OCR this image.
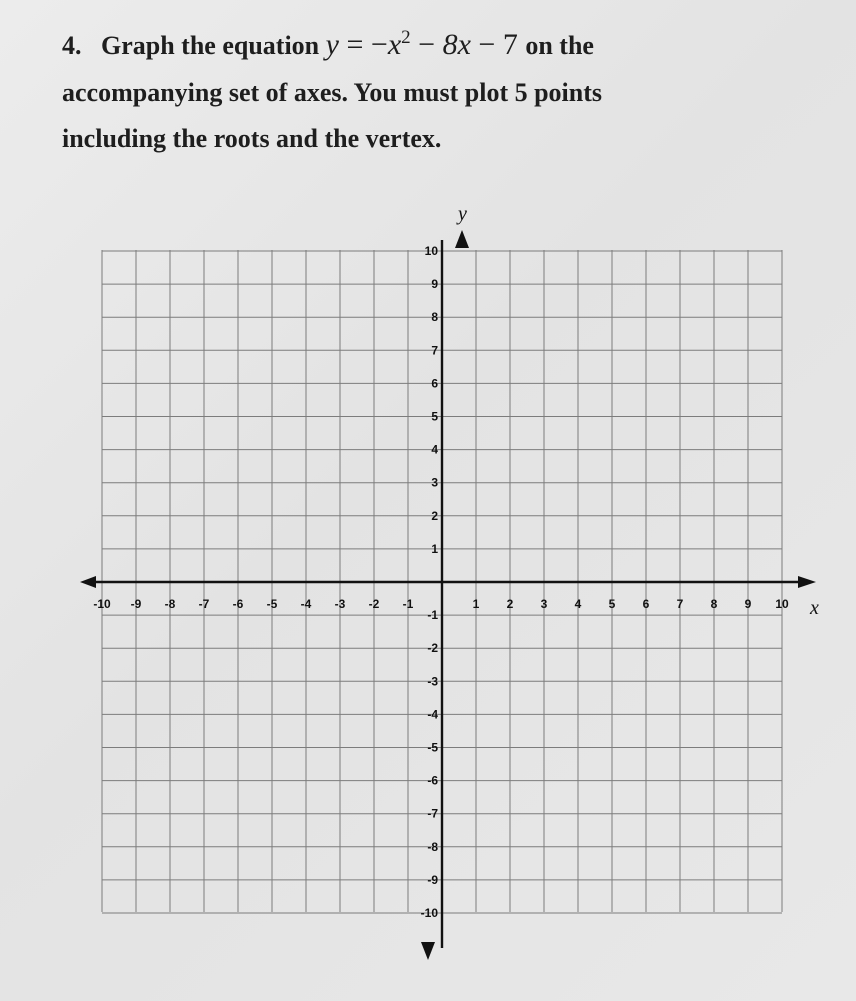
4. Graph the equation $y = -x^2 - 8x - 7$ on the
accompanying set of axes. You must plot 5 points
including the roots and the vertex.
x
y
-10 -9 -8 -7 -6 -5 -4 -3 -2 -1	1 2 3 4 5 6 7 8 9 10
10
9
8
7
6
5
4
3
2
1
-1
-2
-3
-4
-5
-6
-7
-8
-9
-10
